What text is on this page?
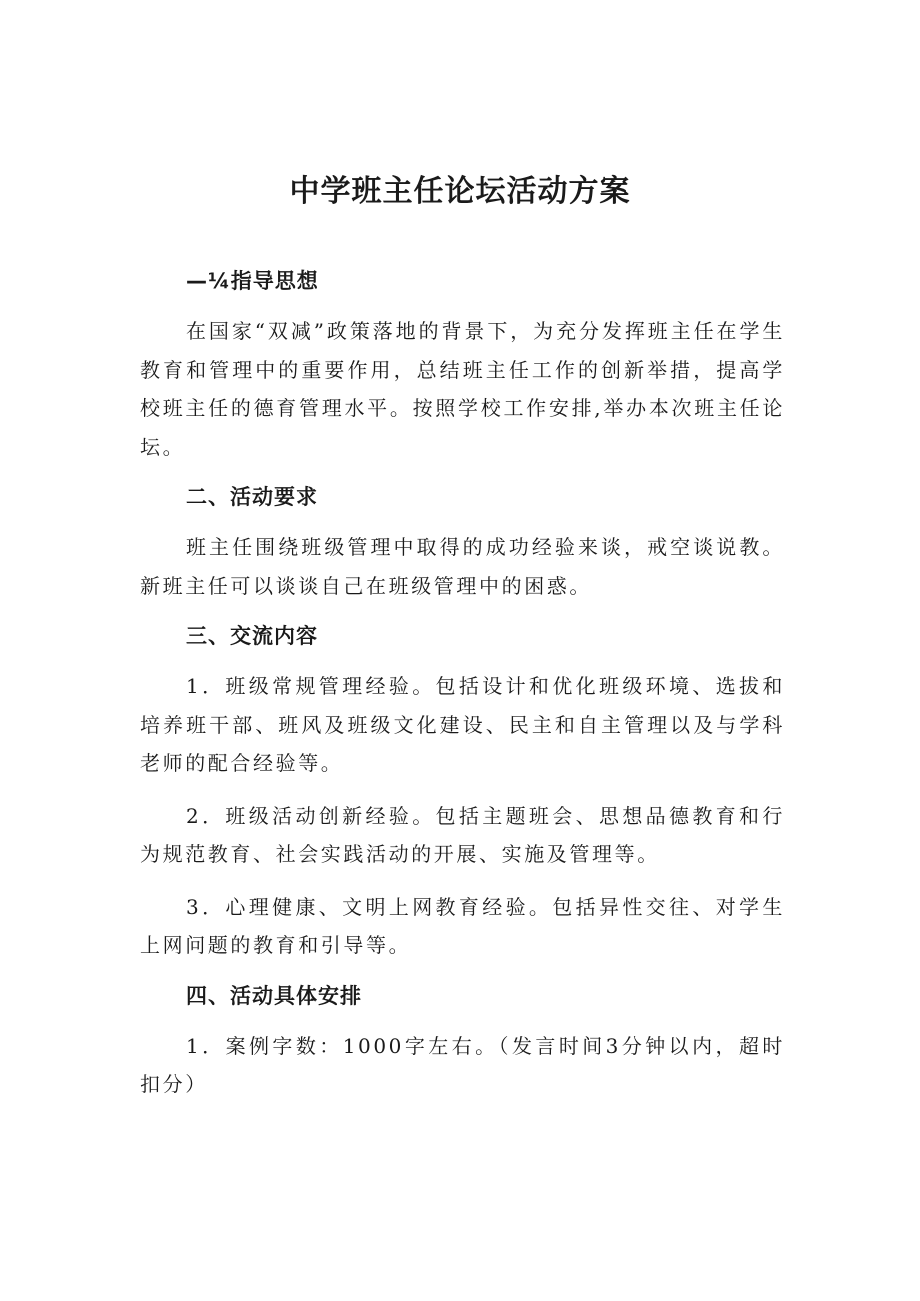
中学班主任论坛活动方案
—¼指导思想

在国家“双减”政策落地的背景下，为充分发挥班主任在学生教育和管理中的重要作用，总结班主任工作的创新举措，提高学校班主任的德育管理水平。按照学校工作安排,举办本次班主任论坛。

二、活动要求

班主任围绕班级管理中取得的成功经验来谈，戒空谈说教。新班主任可以谈谈自己在班级管理中的困惑。

三、交流内容

1．班级常规管理经验。包括设计和优化班级环境、选拔和培养班干部、班风及班级文化建设、民主和自主管理以及与学科老师的配合经验等。

2．班级活动创新经验。包括主题班会、思想品德教育和行为规范教育、社会实践活动的开展、实施及管理等。

3．心理健康、文明上网教育经验。包括异性交往、对学生上网问题的教育和引导等。

四、活动具体安排

1．案例字数：1000字左右。（发言时间3分钟以内，超时扣分）
